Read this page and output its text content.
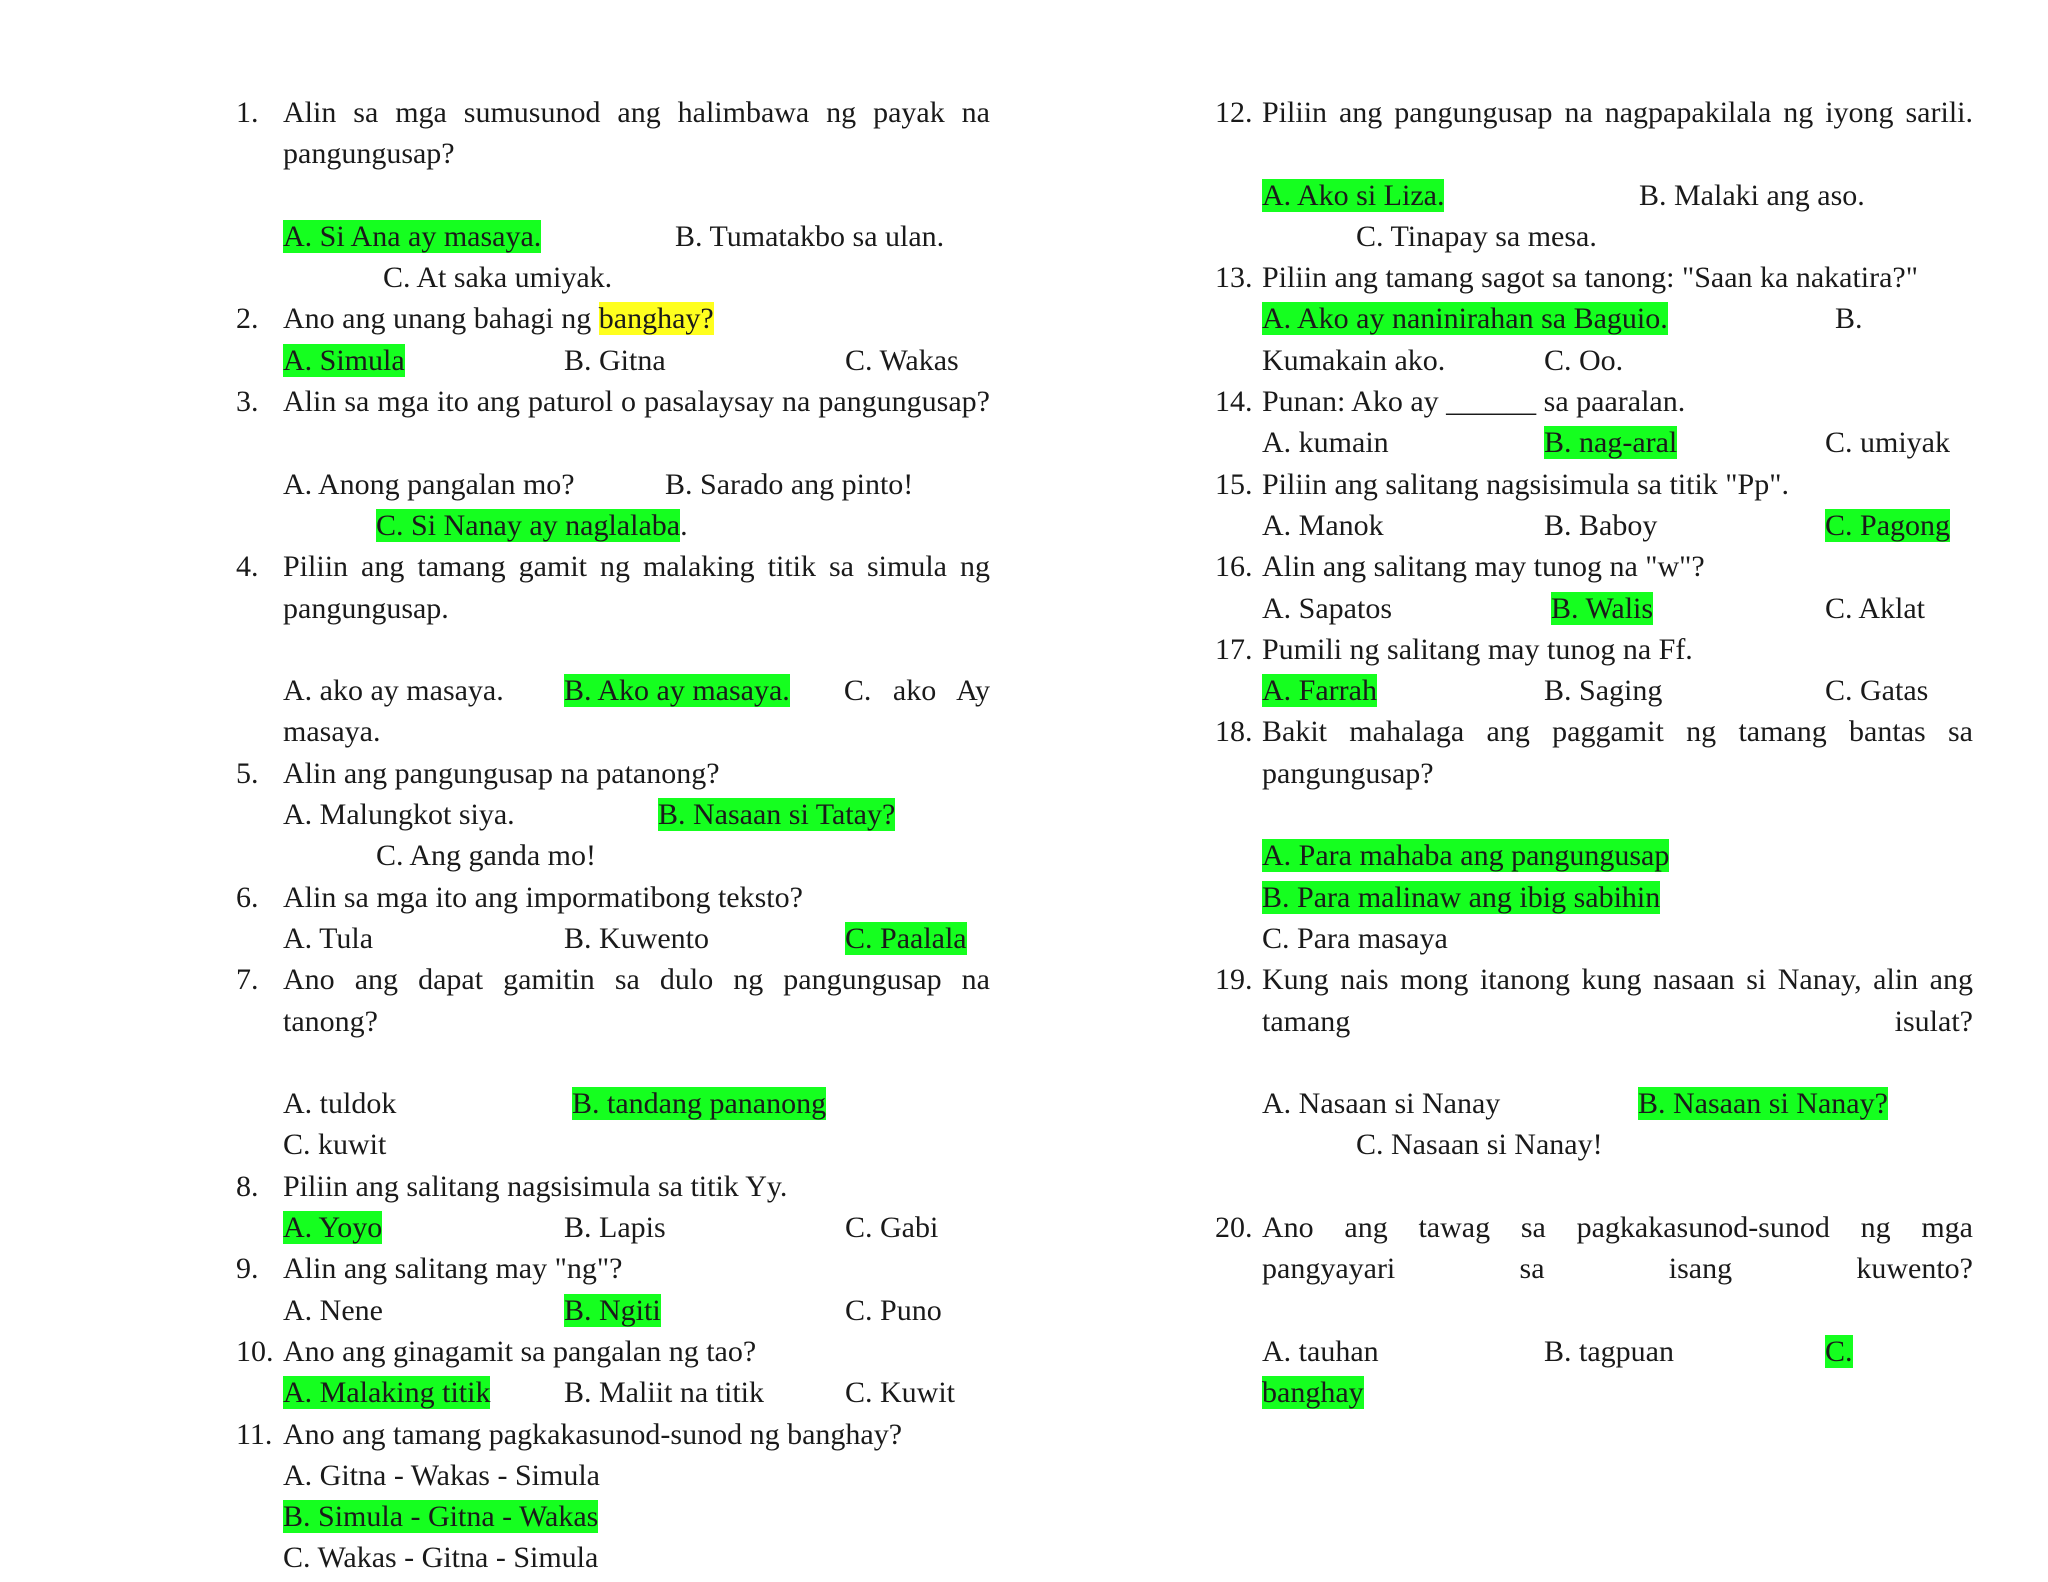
1. Alin sa mga sumusunod ang halimbawa ng payak na pangungusap?
A. Si Ana ay masaya.	B. Tumatakbo sa ulan.
C. At saka umiyak.
2. Ano ang unang bahagi ng banghay?
A. Simula	B. Gitna	C. Wakas
3. Alin sa mga ito ang paturol o pasalaysay na pangungusap?
A. Anong pangalan mo?	B. Sarado ang pinto!
C. Si Nanay ay naglalaba.
4. Piliin ang tamang gamit ng malaking titik sa simula ng pangungusap.
A. ako ay masaya. B. Ako ay masaya. C. ako Ay
masaya.
5. Alin ang pangungusap na patanong?
A. Malungkot siya.	B. Nasaan si Tatay?
C. Ang ganda mo!
6. Alin sa mga ito ang impormatibong teksto?
A. Tula	B. Kuwento	C. Paalala
7. Ano ang dapat gamitin sa dulo ng pangungusap na tanong?
A. tuldok	B. tandang pananong
C. kuwit
8. Piliin ang salitang nagsisimula sa titik Yy.
A. Yoyo	B. Lapis	C. Gabi
9. Alin ang salitang may "ng"?
A. Nene	B. Ngiti	C. Puno
10. Ano ang ginagamit sa pangalan ng tao?
A. Malaking titik B. Maliit na titik	C. Kuwit
11. Ano ang tamang pagkakasunod-sunod ng banghay?
A. Gitna - Wakas - Simula
B. Simula - Gitna - Wakas
C. Wakas - Gitna - Simula
12. Piliin ang pangungusap na nagpapakilala ng iyong sarili.
A. Ako si Liza.	B. Malaki ang aso.
C. Tinapay sa mesa.
13. Piliin ang tamang sagot sa tanong: "Saan ka nakatira?"
A. Ako ay naninirahan sa Baguio.	B.
Kumakain ako.	C. Oo.
14. Punan: Ako ay ______ sa paaralan.
A. kumain	B. nag-aral	C. umiyak
15. Piliin ang salitang nagsisimula sa titik "Pp".
A. Manok	B. Baboy	C. Pagong
16. Alin ang salitang may tunog na "w"?
A. Sapatos	B. Walis	C. Aklat
17. Pumili ng salitang may tunog na Ff.
A. Farrah	B. Saging	C. Gatas
18. Bakit mahalaga ang paggamit ng tamang bantas sa pangungusap?
A. Para mahaba ang pangungusap
B. Para malinaw ang ibig sabihin
C. Para masaya
19. Kung nais mong itanong kung nasaan si Nanay, alin ang tamang isulat?
A. Nasaan si Nanay	B. Nasaan si Nanay?
C. Nasaan si Nanay!
20. Ano ang tawag sa pagkakasunod-sunod ng mga pangyayari sa isang kuwento?
A. tauhan	B. tagpuan	C.
banghay
